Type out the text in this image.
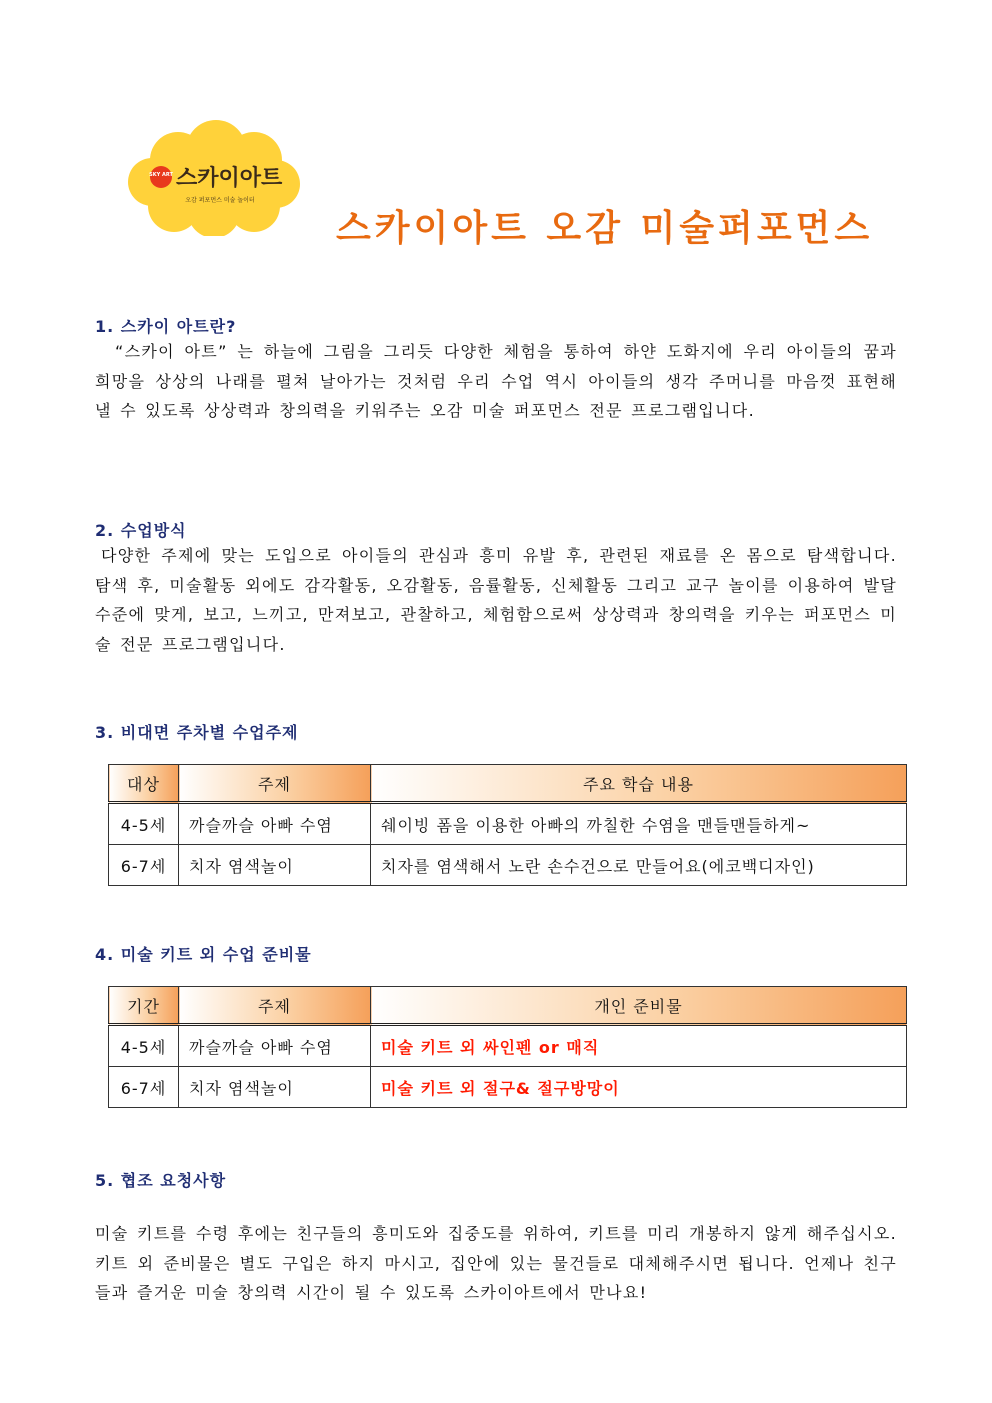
SKY ART 스카이아트
오감 퍼포먼스 미술 놀이터
스카이아트 오감 미술퍼포먼스
1. 스카이 아트란?

“스카이 아트” 는 하늘에 그림을 그리듯 다양한 체험을 통하여 하얀 도화지에 우리 아이들의 꿈과 희망을 상상의 나래를 펼쳐 날아가는 것처럼 우리 수업 역시 아이들의 생각 주머니를 마음껏 표현해 낼 수 있도록 상상력과 창의력을 키워주는 오감 미술 퍼포먼스 전문 프로그램입니다.

2. 수업방식

다양한 주제에 맞는 도입으로 아이들의 관심과 흥미 유발 후, 관련된 재료를 온 몸으로 탐색합니다. 탐색 후, 미술활동 외에도 감각활동, 오감활동, 음률활동, 신체활동 그리고 교구 놀이를 이용하여 발달 수준에 맞게, 보고, 느끼고, 만져보고, 관찰하고, 체험함으로써 상상력과 창의력을 키우는 퍼포먼스 미술 전문 프로그램입니다.

3. 비대면 주차별 수업주제
대상	주제	주요 학습 내용
4-5세	까슬까슬 아빠 수염	쉐이빙 폼을 이용한 아빠의 까칠한 수염을 맨들맨들하게~
6-7세	치자 염색놀이	치자를 염색해서 노란 손수건으로 만들어요(에코백디자인)
4. 미술 키트 외 수업 준비물
기간	주제	개인 준비물
4-5세	까슬까슬 아빠 수염	미술 키트 외 싸인펜 or 매직
6-7세	치자 염색놀이	미술 키트 외 절구& 절구방망이
5. 협조 요청사항

미술 키트를 수령 후에는 친구들의 흥미도와 집중도를 위하여, 키트를 미리 개봉하지 않게 해주십시오. 키트 외 준비물은 별도 구입은 하지 마시고, 집안에 있는 물건들로 대체해주시면 됩니다. 언제나 친구들과 즐거운 미술 창의력 시간이 될 수 있도록 스카이아트에서 만나요!
